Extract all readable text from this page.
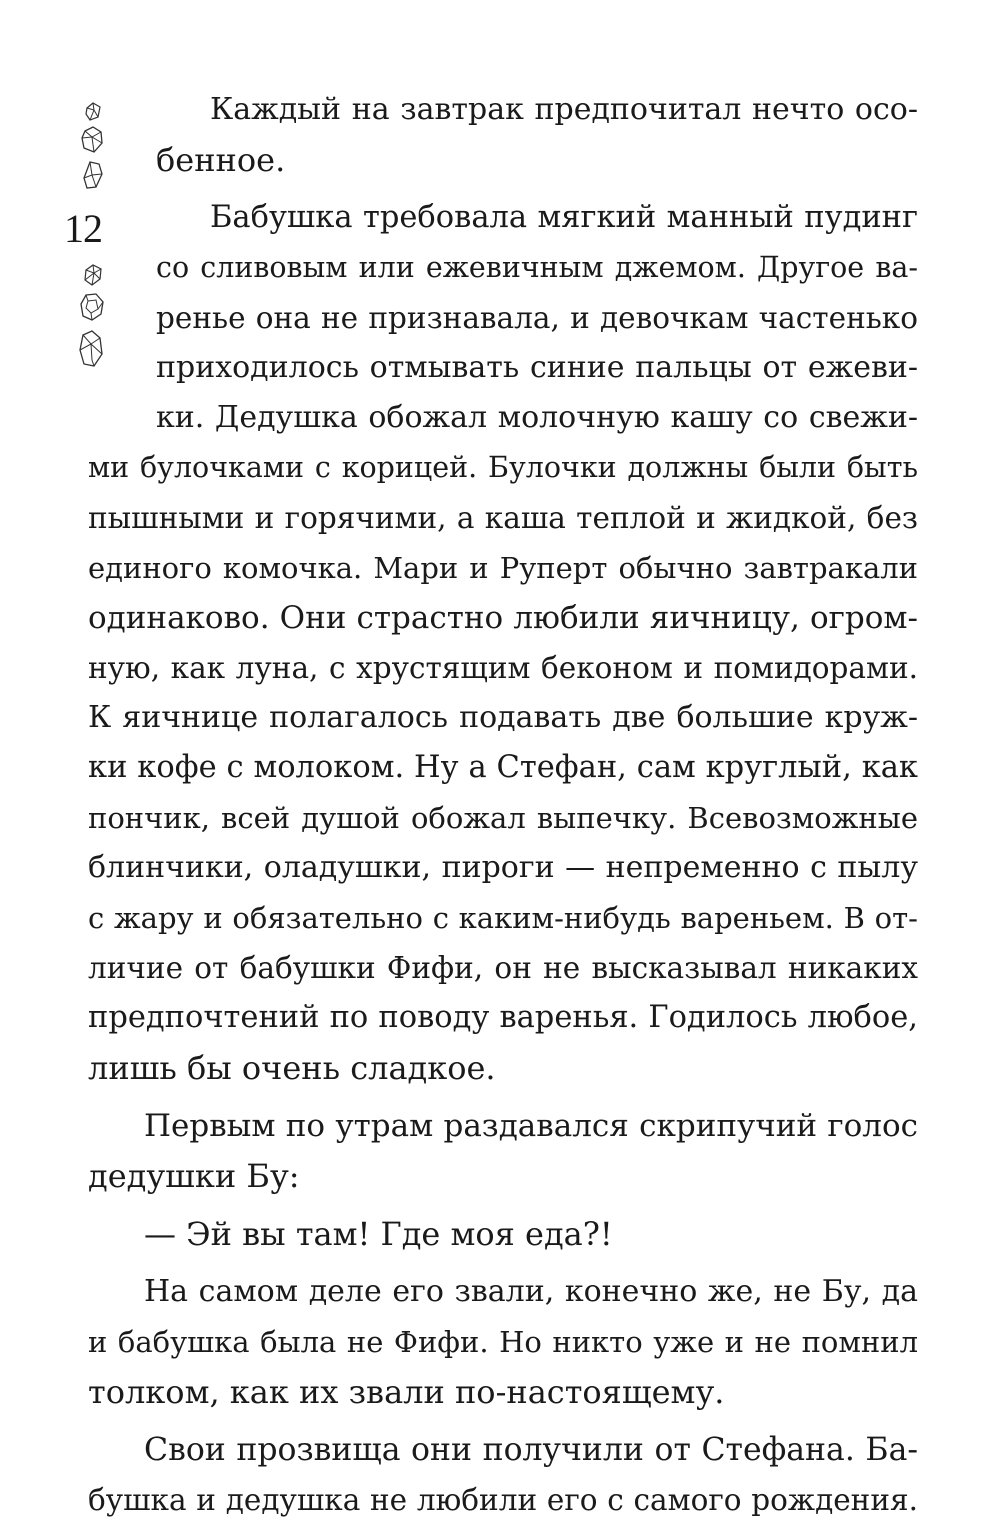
12
Каждый на завтрак предпочитал нечто осо-
бенное.
Бабушка требовала мягкий манный пудинг
со сливовым или ежевичным джемом. Другое ва-
ренье она не признавала, и девочкам частенько
приходилось отмывать синие пальцы от ежеви-
ки. Дедушка обожал молочную кашу со свежи-
ми булочками с корицей. Булочки должны были быть
пышными и горячими, а каша теплой и жидкой, без
единого комочка. Мари и Руперт обычно завтракали
одинаково. Они страстно любили яичницу, огром-
ную, как луна, с хрустящим беконом и помидорами.
К яичнице полагалось подавать две большие круж-
ки кофе с молоком. Ну а Стефан, сам круглый, как
пончик, всей душой обожал выпечку. Всевозможные
блинчики, оладушки, пироги — непременно с пылу
с жару и обязательно с каким-нибудь вареньем. В от-
личие от бабушки Фифи, он не высказывал никаких
предпочтений по поводу варенья. Годилось любое,
лишь бы очень сладкое.
Первым по утрам раздавался скрипучий голос
дедушки Бу:
— Эй вы там! Где моя еда?!
На самом деле его звали, конечно же, не Бу, да
и бабушка была не Фифи. Но никто уже и не помнил
толком, как их звали по-настоящему.
Свои прозвища они получили от Стефана. Ба-
бушка и дедушка не любили его с самого рождения.
